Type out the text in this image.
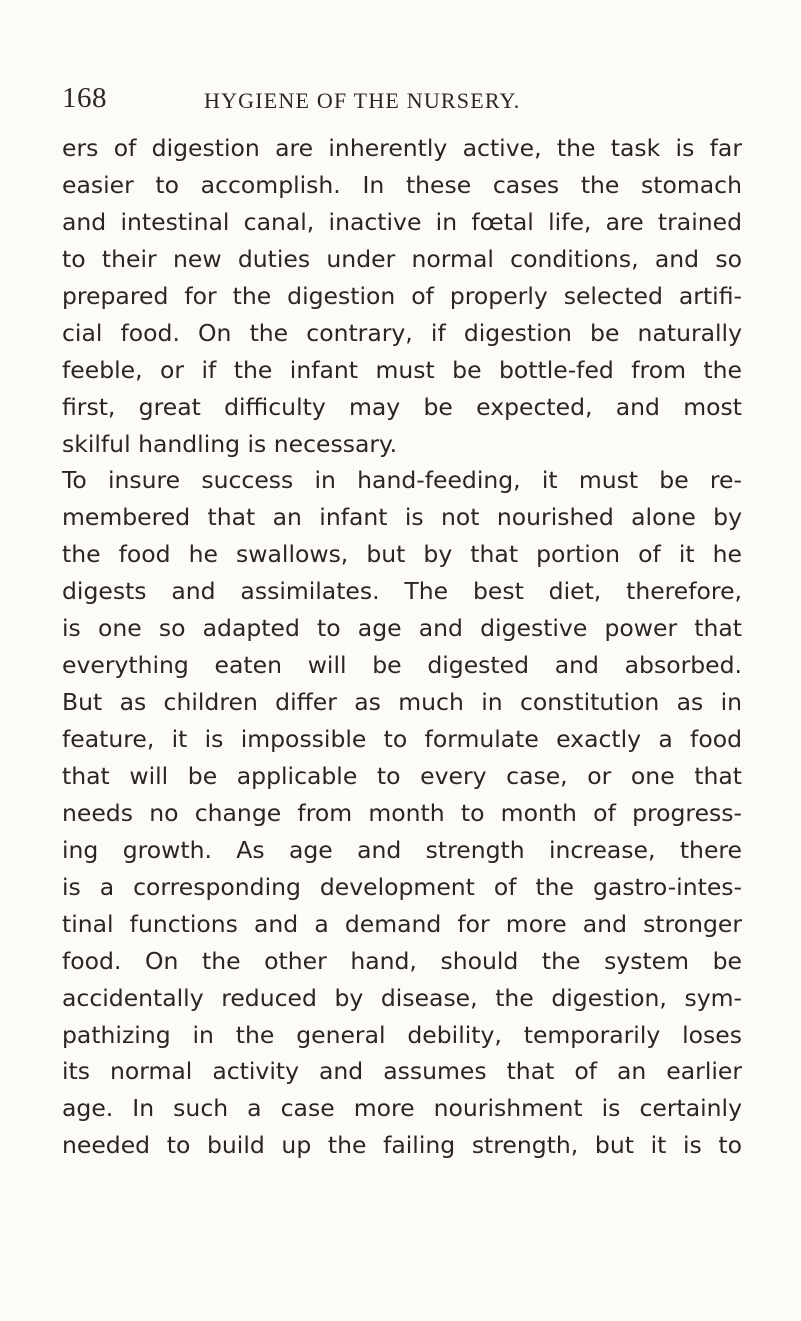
168	HYGIENE OF THE NURSERY.
ers of digestion are inherently active, the task is far
easier to accomplish. In these cases the stomach
and intestinal canal, inactive in fœtal life, are trained
to their new duties under normal conditions, and so
prepared for the digestion of properly selected artifi-
cial food. On the contrary, if digestion be naturally
feeble, or if the infant must be bottle-fed from the
first, great difficulty may be expected, and most
skilful handling is necessary.
To insure success in hand-feeding, it must be re-
membered that an infant is not nourished alone by
the food he swallows, but by that portion of it he
digests and assimilates. The best diet, therefore,
is one so adapted to age and digestive power that
everything eaten will be digested and absorbed.
But as children differ as much in constitution as in
feature, it is impossible to formulate exactly a food
that will be applicable to every case, or one that
needs no change from month to month of progress-
ing growth. As age and strength increase, there
is a corresponding development of the gastro-intes-
tinal functions and a demand for more and stronger
food. On the other hand, should the system be
accidentally reduced by disease, the digestion, sym-
pathizing in the general debility, temporarily loses
its normal activity and assumes that of an earlier
age. In such a case more nourishment is certainly
needed to build up the failing strength, but it is to
